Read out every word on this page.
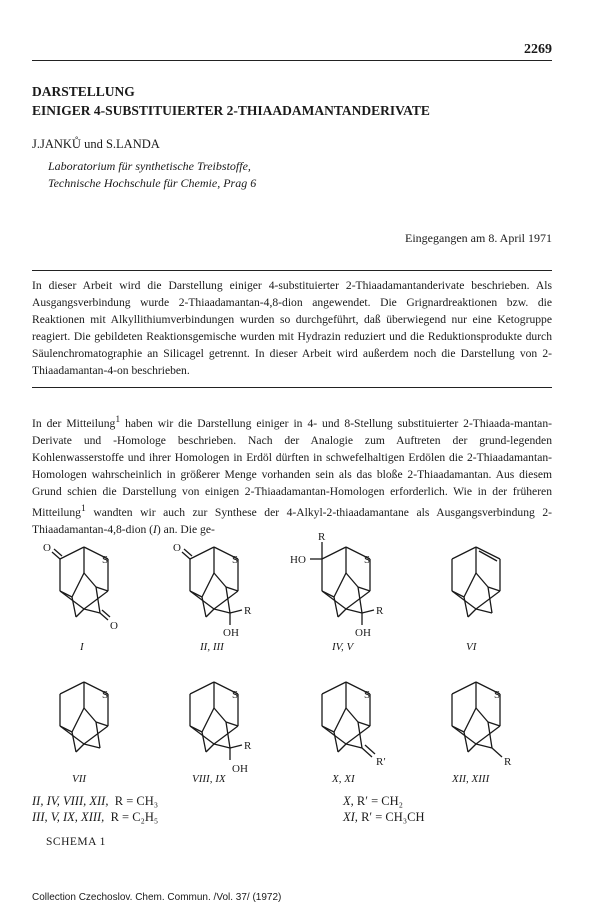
2269
DARSTELLUNG
EINIGER 4-SUBSTITUIERTER 2-THIAADAMANTANDERIVATE
J.JANKŮ und S.LANDA
Laboratorium für synthetische Treibstoffe,
Technische Hochschule für Chemie, Prag 6
Eingegangen am 8. April 1971
In dieser Arbeit wird die Darstellung einiger 4-substituierter 2-Thiaadamantanderivate beschrieben. Als Ausgangsverbindung wurde 2-Thiaadamantan-4,8-dion angewendet. Die Grignardreaktionen bzw. die Reaktionen mit Alkyllithiumverbindungen wurden so durchgeführt, daß überwiegend nur eine Ketogruppe reagiert. Die gebildeten Reaktionsgemische wurden mit Hydrazin reduziert und die Reduktionsprodukte durch Säulenchromatographie an Silicagel getrennt. In dieser Arbeit wird außerdem noch die Darstellung von 2-Thiaadamantan-4-on beschrieben.
In der Mitteilung$^1$ haben wir die Darstellung einiger in 4- und 8-Stellung substituierter 2-Thiaada-mantan-Derivate und -Homologe beschrieben. Nach der Analogie zum Auftreten der grund-legenden Kohlenwasserstoffe und ihrer Homologen in Erdöl dürften in schwefelhaltigen Erdölen die 2-Thiaadamantan-Homologen wahrscheinlich in größerer Menge vorhanden sein als das bloße 2-Thiaadamantan. Aus diesem Grund schien die Darstellung von einigen 2-Thiaadamantan-Homologen erforderlich. Wie in der früheren Mitteilung$^1$ wandten wir auch zur Synthese der 4-Alkyl-2-thiaadamantane als Ausgangsverbindung 2-Thiaadamantan-4,8-dion (I) an. Die ge-
S
O
O
S
O
R
OH
S
R
HO
R
OH
S	S
R
OH
S
R′
S
R
I	II, III	IV, V	VI
VII	VIII, IX	X, XI	XII, XIII
II, IV, VIII, XII, R = CH₃
III, V, IX, XIII, R = C₂H₅
X, R′ = CH₂
XI, R′ = CH₃CH
SCHEMA 1
Collection Czechoslov. Chem. Commun. /Vol. 37/ (1972)
